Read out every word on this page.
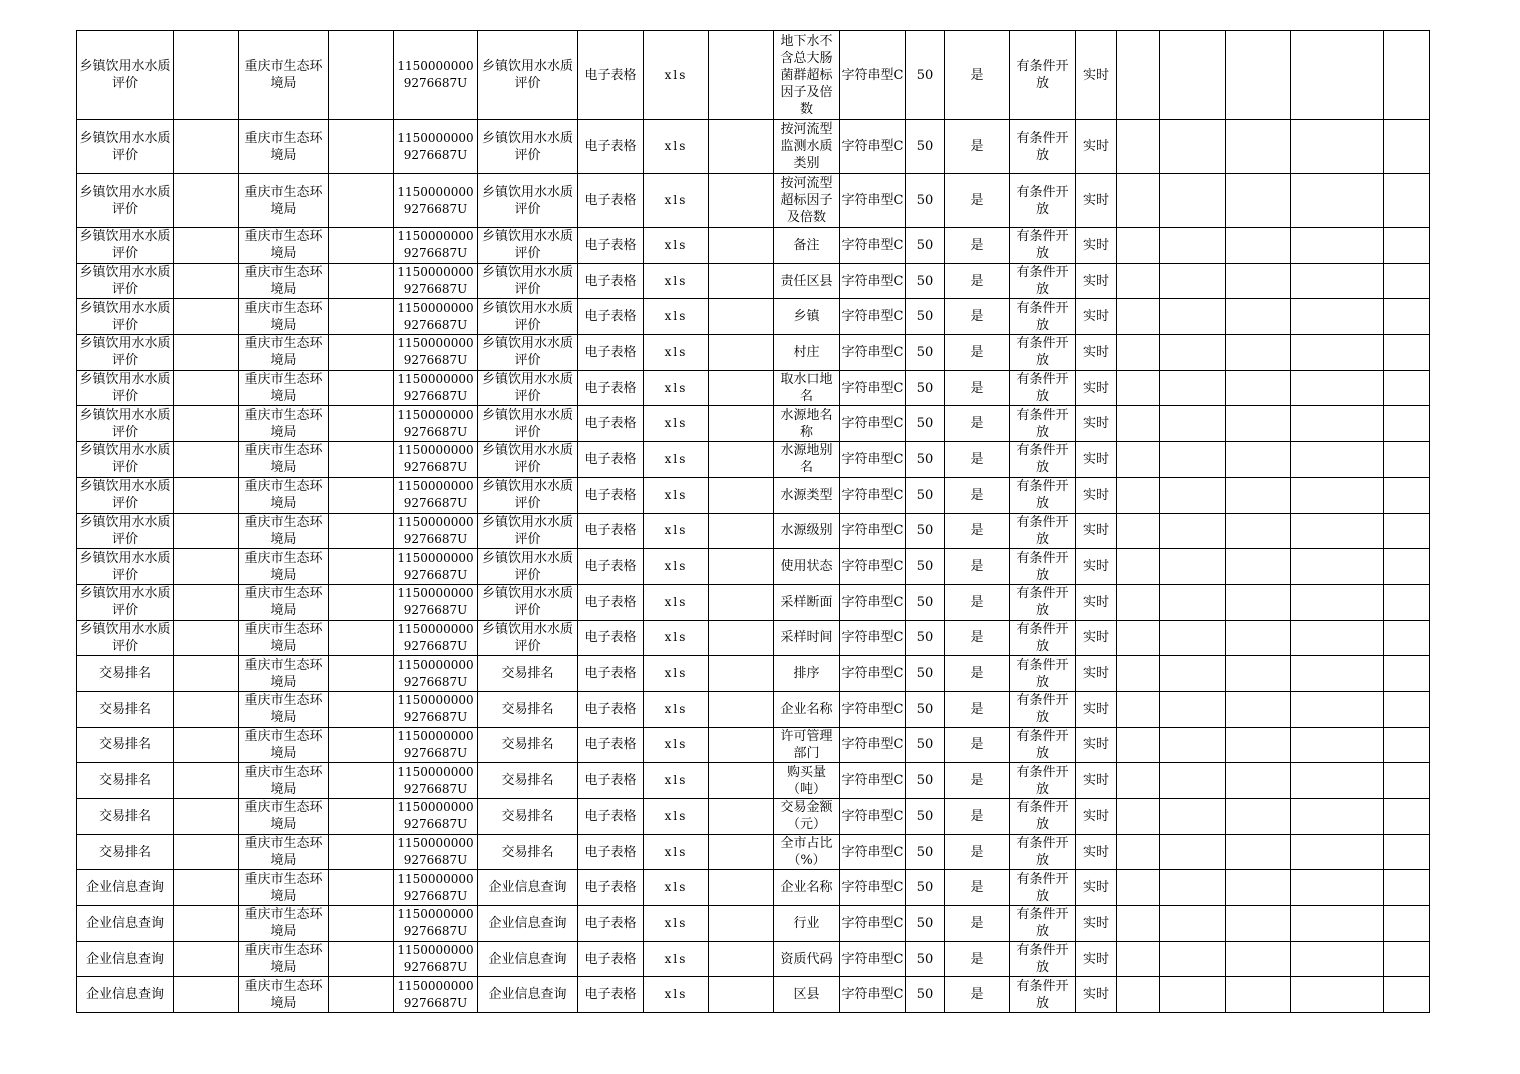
乡镇饮用水水质评价		重庆市生态环境局		11500000009276687U	乡镇饮用水水质评价	电子表格	xls		地下水不含总大肠菌群超标因子及倍数	字符串型C	50	是	有条件开放	实时					
乡镇饮用水水质评价		重庆市生态环境局		11500000009276687U	乡镇饮用水水质评价	电子表格	xls		按河流型监测水质类别	字符串型C	50	是	有条件开放	实时					
乡镇饮用水水质评价		重庆市生态环境局		11500000009276687U	乡镇饮用水水质评价	电子表格	xls		按河流型超标因子及倍数	字符串型C	50	是	有条件开放	实时					
乡镇饮用水水质评价		重庆市生态环境局		11500000009276687U	乡镇饮用水水质评价	电子表格	xls		备注	字符串型C	50	是	有条件开放	实时					
乡镇饮用水水质评价		重庆市生态环境局		11500000009276687U	乡镇饮用水水质评价	电子表格	xls		责任区县	字符串型C	50	是	有条件开放	实时					
乡镇饮用水水质评价		重庆市生态环境局		11500000009276687U	乡镇饮用水水质评价	电子表格	xls		乡镇	字符串型C	50	是	有条件开放	实时					
乡镇饮用水水质评价		重庆市生态环境局		11500000009276687U	乡镇饮用水水质评价	电子表格	xls		村庄	字符串型C	50	是	有条件开放	实时					
乡镇饮用水水质评价		重庆市生态环境局		11500000009276687U	乡镇饮用水水质评价	电子表格	xls		取水口地名	字符串型C	50	是	有条件开放	实时					
乡镇饮用水水质评价		重庆市生态环境局		11500000009276687U	乡镇饮用水水质评价	电子表格	xls		水源地名称	字符串型C	50	是	有条件开放	实时					
乡镇饮用水水质评价		重庆市生态环境局		11500000009276687U	乡镇饮用水水质评价	电子表格	xls		水源地别名	字符串型C	50	是	有条件开放	实时					
乡镇饮用水水质评价		重庆市生态环境局		11500000009276687U	乡镇饮用水水质评价	电子表格	xls		水源类型	字符串型C	50	是	有条件开放	实时					
乡镇饮用水水质评价		重庆市生态环境局		11500000009276687U	乡镇饮用水水质评价	电子表格	xls		水源级别	字符串型C	50	是	有条件开放	实时					
乡镇饮用水水质评价		重庆市生态环境局		11500000009276687U	乡镇饮用水水质评价	电子表格	xls		使用状态	字符串型C	50	是	有条件开放	实时					
乡镇饮用水水质评价		重庆市生态环境局		11500000009276687U	乡镇饮用水水质评价	电子表格	xls		采样断面	字符串型C	50	是	有条件开放	实时					
乡镇饮用水水质评价		重庆市生态环境局		11500000009276687U	乡镇饮用水水质评价	电子表格	xls		采样时间	字符串型C	50	是	有条件开放	实时					
交易排名		重庆市生态环境局		11500000009276687U	交易排名	电子表格	xls		排序	字符串型C	50	是	有条件开放	实时					
交易排名		重庆市生态环境局		11500000009276687U	交易排名	电子表格	xls		企业名称	字符串型C	50	是	有条件开放	实时					
交易排名		重庆市生态环境局		11500000009276687U	交易排名	电子表格	xls		许可管理部门	字符串型C	50	是	有条件开放	实时					
交易排名		重庆市生态环境局		11500000009276687U	交易排名	电子表格	xls		购买量（吨）	字符串型C	50	是	有条件开放	实时					
交易排名		重庆市生态环境局		11500000009276687U	交易排名	电子表格	xls		交易金额（元）	字符串型C	50	是	有条件开放	实时					
交易排名		重庆市生态环境局		11500000009276687U	交易排名	电子表格	xls		全市占比（%）	字符串型C	50	是	有条件开放	实时					
企业信息查询		重庆市生态环境局		11500000009276687U	企业信息查询	电子表格	xls		企业名称	字符串型C	50	是	有条件开放	实时					
企业信息查询		重庆市生态环境局		11500000009276687U	企业信息查询	电子表格	xls		行业	字符串型C	50	是	有条件开放	实时					
企业信息查询		重庆市生态环境局		11500000009276687U	企业信息查询	电子表格	xls		资质代码	字符串型C	50	是	有条件开放	实时					
企业信息查询		重庆市生态环境局		11500000009276687U	企业信息查询	电子表格	xls		区县	字符串型C	50	是	有条件开放	实时					
